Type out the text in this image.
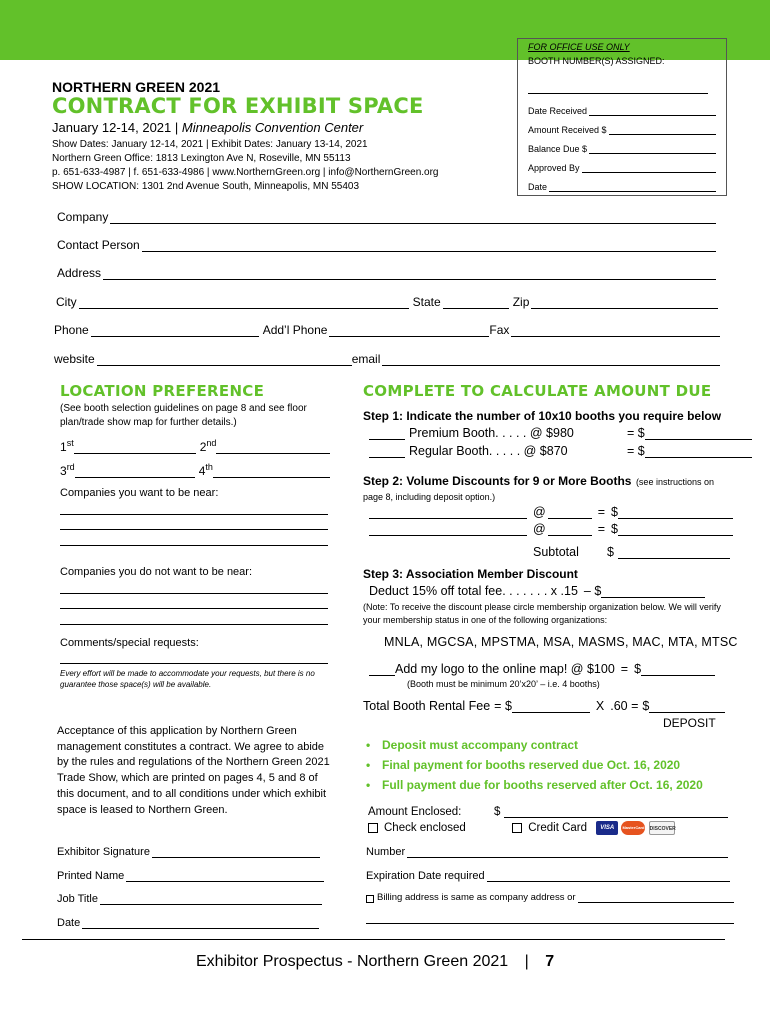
FOR OFFICE USE ONLY
BOOTH NUMBER(S) ASSIGNED:
Date Received
Amount Received $
Balance Due $
Approved By
Date
NORTHERN GREEN 2021
CONTRACT FOR EXHIBIT SPACE
January 12-14, 2021 | Minneapolis Convention Center
Show Dates: January 12-14, 2021 | Exhibit Dates: January 13-14, 2021
Northern Green Office: 1813 Lexington Ave N, Roseville, MN 55113
p. 651-633-4987 | f. 651-633-4986 | www.NorthernGreen.org | info@NorthernGreen.org
SHOW LOCATION: 1301 2nd Avenue South, Minneapolis, MN 55403
Company
Contact Person
Address
City	State	Zip
Phone	Add’l Phone	Fax
website	email
LOCATION PREFERENCE
(See booth selection guidelines on page 8 and see floor plan/trade show map for further details.)
1st	2nd
3rd	4th
Companies you want to be near:
Companies you do not want to be near:
Comments/special requests:
Every effort will be made to accommodate your requests, but there is no guarantee those space(s) will be available.
Acceptance of this application by Northern Green management constitutes a contract. We agree to abide by the rules and regulations of the Northern Green 2021 Trade Show, which are printed on pages 4, 5 and 8 of this document, and to all conditions under which exhibit space is leased to Northern Green.
Exhibitor Signature
Printed Name
Job Title
Date
COMPLETE TO CALCULATE AMOUNT DUE
Step 1: Indicate the number of 10x10 booths you require below
Premium Booth. . . . . @ $980	= $
Regular Booth. . . . . @ $870	= $
Step 2: Volume Discounts for 9 or More Booths (see instructions on page 8, including deposit option.)
@	= $
@	= $
Subtotal	$
Step 3: Association Member Discount
Deduct 15% off total fee. . . . . . . x .15 – $
(Note: To receive the discount please circle membership organization below. We will verify your membership status in one of the following organizations:
MNLA, MGCSA, MPSTMA, MSA, MASMS, MAC, MTA, MTSC
Add my logo to the online map! @ $100 = $
(Booth must be minimum 20’x20’ – i.e. 4 booths)
Total Booth Rental Fee = $	X .60 = $
DEPOSIT
• Deposit must accompany contract
• Final payment for booths reserved due Oct. 16, 2020
• Full payment due for booths reserved after Oct. 16, 2020
Amount Enclosed:	$
Check enclosed	Credit Card VISA MasterCard DISCOVER
Number
Expiration Date required
Billing address is same as company address or
Exhibitor Prospectus - Northern Green 2021 | 7
